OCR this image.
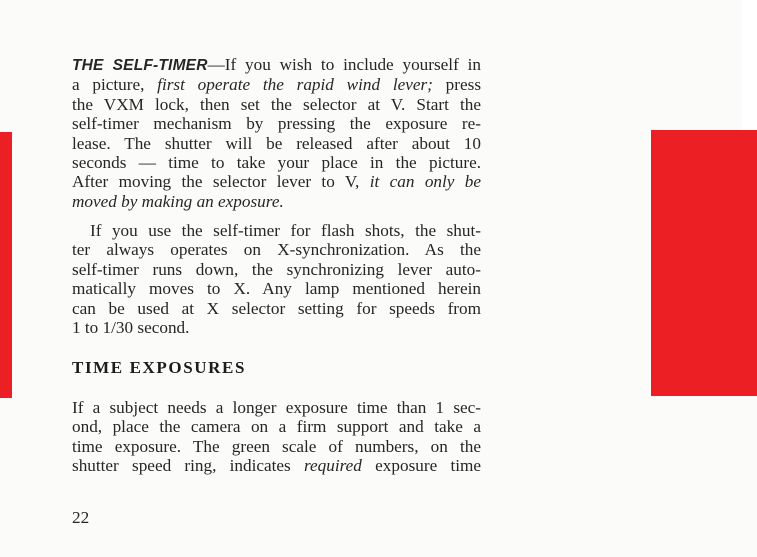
THE SELF-TIMER—If you wish to include yourself in
a picture, first operate the rapid wind lever; press
the VXM lock, then set the selector at V. Start the
self-timer mechanism by pressing the exposure re-
lease. The shutter will be released after about 10
seconds — time to take your place in the picture.
After moving the selector lever to V, it can only be
moved by making an exposure.
If you use the self-timer for flash shots, the shut-
ter always operates on X-synchronization. As the
self-timer runs down, the synchronizing lever auto-
matically moves to X. Any lamp mentioned herein
can be used at X selector setting for speeds from
1 to 1/30 second.
TIME EXPOSURES
If a subject needs a longer exposure time than 1 sec-
ond, place the camera on a firm support and take a
time exposure. The green scale of numbers, on the
shutter speed ring, indicates required exposure time
22
